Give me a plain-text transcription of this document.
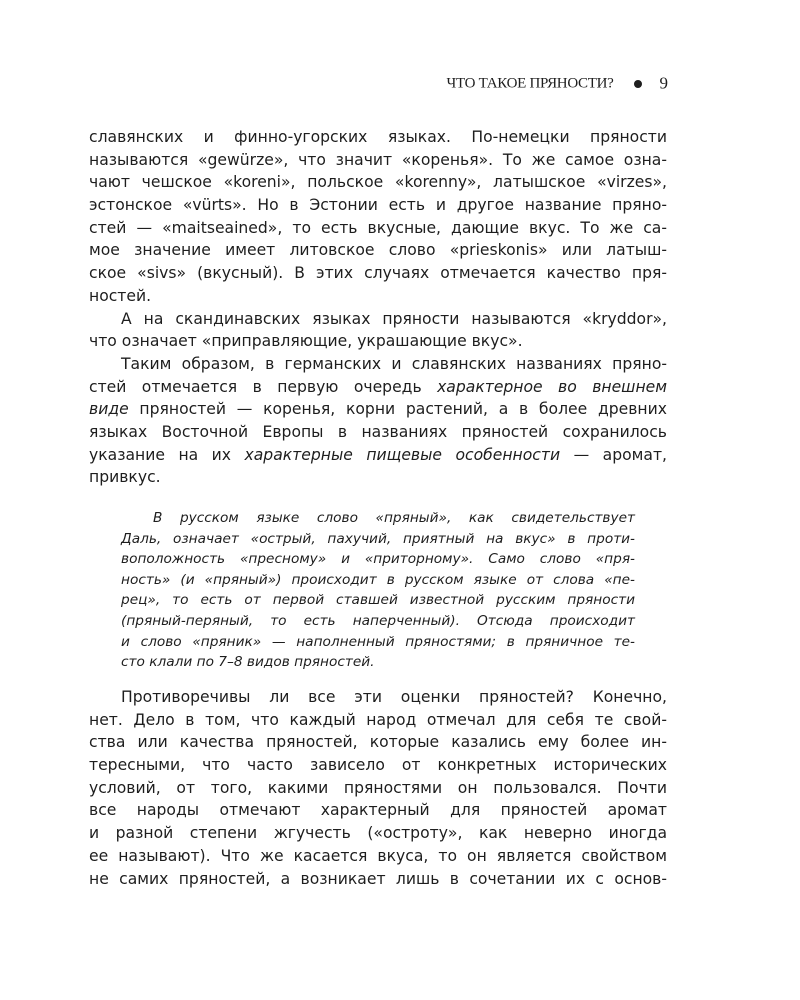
ЧТО ТАКОЕ ПРЯНОСТИ?	9
славянских и финно-угорских языках. По-немецки пряности
называются «gewürze», что значит «коренья». То же самое озна-
чают чешское «koreni», польское «korenny», латышское «virzes»,
эстонское «vürts». Но в Эстонии есть и другое название пряно-
стей — «maitseained», то есть вкусные, дающие вкус. То же са-
мое значение имеет литовское слово «prieskonis» или латыш-
ское «sivs» (вкусный). В этих случаях отмечается качество пря-
ностей.
А на скандинавских языках пряности называются «kryddor»,
что означает «приправляющие, украшающие вкус».
Таким образом, в германских и славянских названиях пряно-
стей отмечается в первую очередь характерное во внешнем
виде пряностей — коренья, корни растений, а в более древних
языках Восточной Европы в названиях пряностей сохранилось
указание на их характерные пищевые особенности — аромат,
привкус.
В русском языке слово «пряный», как свидетельствует
Даль, означает «острый, пахучий, приятный на вкус» в проти-
воположность «пресному» и «приторному». Само слово «пря-
ность» (и «пряный») происходит в русском языке от слова «пе-
рец», то есть от первой ставшей известной русским пряности
(пряный-перяный, то есть наперченный). Отсюда происходит
и слово «пряник» — наполненный пряностями; в пряничное те-
сто клали по 7–8 видов пряностей.
Противоречивы ли все эти оценки пряностей? Конечно,
нет. Дело в том, что каждый народ отмечал для себя те свой-
ства или качества пряностей, которые казались ему более ин-
тересными, что часто зависело от конкретных исторических
условий, от того, какими пряностями он пользовался. Почти
все народы отмечают характерный для пряностей аромат
и разной степени жгучесть («остроту», как неверно иногда
ее называют). Что же касается вкуса, то он является свойством
не самих пряностей, а возникает лишь в сочетании их с основ-
